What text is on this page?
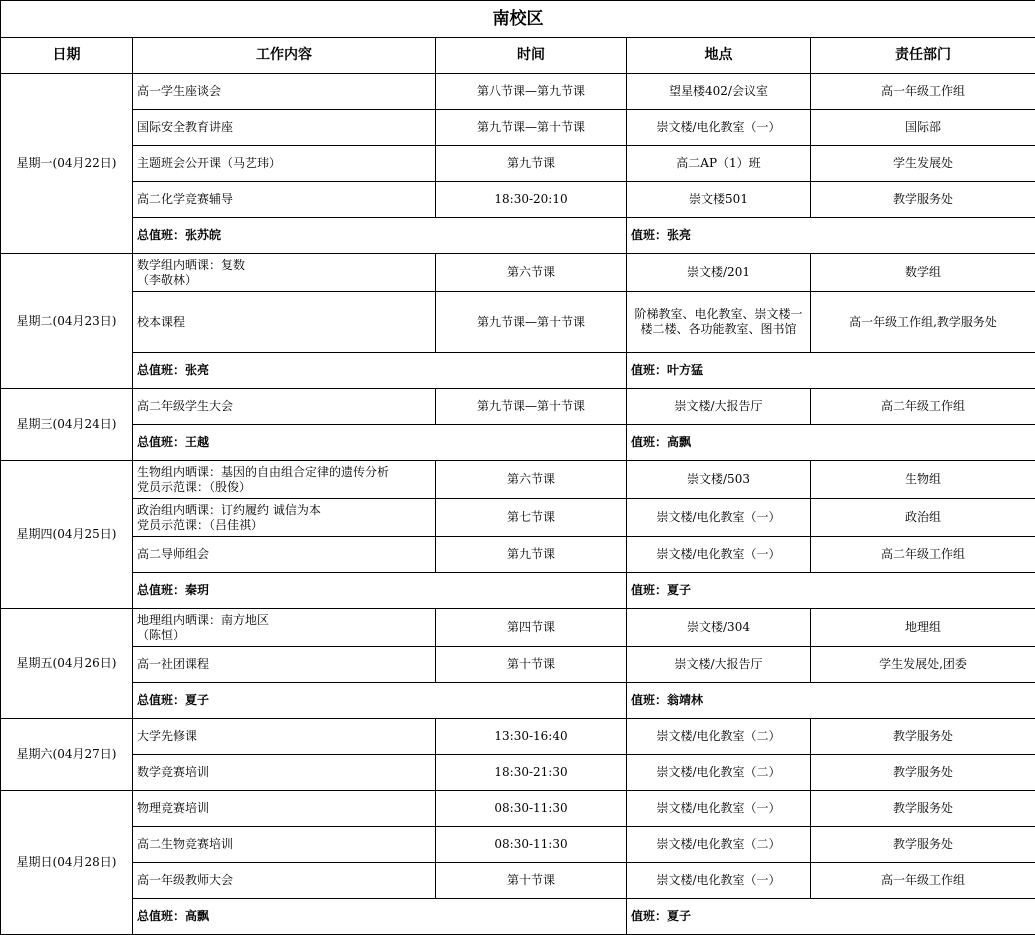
南校区				
日期	工作内容	时间	地点	责任部门
星期一(04月22日)	高一学生座谈会	第八节课—第九节课	望星楼402/会议室	高一年级工作组
	国际安全教育讲座	第九节课—第十节课	崇文楼/电化教室（一）	国际部
	主题班会公开课（马艺玮）	第九节课	高二AP（1）班	学生发展处
	高二化学竞赛辅导	18:30-20:10	崇文楼501	教学服务处
	总值班：张苏皖		值班：张亮	
星期二(04月23日)	数学组内晒课：复数
（李敬林）	第六节课	崇文楼/201	数学组
	校本课程	第九节课—第十节课	阶梯教室、电化教室、崇文楼一楼二楼、各功能教室、图书馆	高一年级工作组,教学服务处
	总值班：张亮		值班：叶方猛	
星期三(04月24日)	高二年级学生大会	第九节课—第十节课	崇文楼/大报告厅	高二年级工作组
	总值班：王越		值班：高飘	
星期四(04月25日)	生物组内晒课：基因的自由组合定律的遗传分析
党员示范课：（殷俊）	第六节课	崇文楼/503	生物组
	政治组内晒课：订约履约 诚信为本
党员示范课：（吕佳祺）	第七节课	崇文楼/电化教室（一）	政治组
	高二导师组会	第九节课	崇文楼/电化教室（一）	高二年级工作组
	总值班：秦玥		值班：夏子	
星期五(04月26日)	地理组内晒课：南方地区
（陈恒）	第四节课	崇文楼/304	地理组
	高一社团课程	第十节课	崇文楼/大报告厅	学生发展处,团委
	总值班：夏子		值班：翁靖林	
星期六(04月27日)	大学先修课	13:30-16:40	崇文楼/电化教室（二）	教学服务处
	数学竞赛培训	18:30-21:30	崇文楼/电化教室（二）	教学服务处
星期日(04月28日)	物理竞赛培训	08:30-11:30	崇文楼/电化教室（一）	教学服务处
	高二生物竞赛培训	08:30-11:30	崇文楼/电化教室（二）	教学服务处
	高一年级教师大会	第十节课	崇文楼/电化教室（一）	高一年级工作组
	总值班：高飘		值班：夏子	
